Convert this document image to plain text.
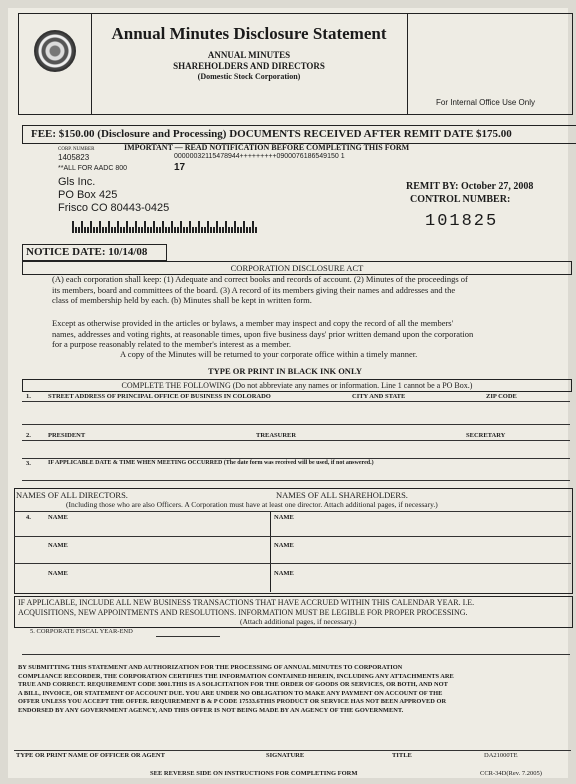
Annual Minutes Disclosure Statement
ANNUAL MINUTES
SHAREHOLDERS AND DIRECTORS
(Domestic Stock Corporation)
For Internal Office Use Only
FEE: $150.00 (Disclosure and Processing) DOCUMENTS RECEIVED AFTER REMIT DATE $175.00
CORP. NUMBER
1405823
IMPORTANT — READ NOTIFICATION BEFORE COMPLETING THIS FORM
00000032115478944+++++++++0900076186549150 1
**ALL FOR AADC 800	17
Gls Inc.
PO Box 425
Frisco CO 80443-0425
REMIT BY: October 27, 2008
CONTROL NUMBER:
101825
NOTICE DATE: 10/14/08
CORPORATION DISCLOSURE ACT
(A) each corporation shall keep: (1) Adequate and correct books and records of account. (2) Minutes of the proceedings of
its members, board and committees of the board. (3) A record of its members giving their names and addresses and the
class of membership held by each. (b) Minutes shall be kept in written form.
Except as otherwise provided in the articles or bylaws, a member may inspect and copy the record of all the members'
names, addresses and voting rights, at reasonable times, upon five business days' prior written demand upon the corporation
for a purpose reasonably related to the member's interest as a member.
A copy of the Minutes will be returned to your corporate office within a timely manner.
TYPE OR PRINT IN BLACK INK ONLY
COMPLETE THE FOLLOWING (Do not abbreviate any names or information. Line 1 cannot be a PO Box.)
1.	STREET ADDRESS OF PRINCIPAL OFFICE OF BUSINESS IN COLORADO	CITY AND STATE	ZIP CODE
2.	PRESIDENT	TREASURER	SECRETARY
3.	IF APPLICABLE DATE & TIME WHEN MEETING OCCURRED (The date form was received will be used, if not answered.)
NAMES OF ALL DIRECTORS.	NAMES OF ALL SHAREHOLDERS.
(Including those who are also Officers. A Corporation must have at least one director. Attach additional pages, if necessary.)
4.	NAME	NAME
NAME	NAME
NAME	NAME
IF APPLICABLE, INCLUDE ALL NEW BUSINESS TRANSACTIONS THAT HAVE ACCRUED WITHIN THIS CALENDAR YEAR. I.E.
ACQUISITIONS, NEW APPOINTMENTS AND RESOLUTIONS. INFORMATION MUST BE LEGIBLE FOR PROPER PROCESSING.
(Attach additional pages, if necessary.)
5. CORPORATE FISCAL YEAR-END
BY SUBMITTING THIS STATEMENT AND AUTHORIZATION FOR THE PROCESSING OF ANNUAL MINUTES TO CORPORATION
COMPLIANCE RECORDER, THE CORPORATION CERTIFIES THE INFORMATION CONTAINED HEREIN, INCLUDING ANY ATTACHMENTS ARE
TRUE AND CORRECT. REQUIREMENT CODE 3001.THIS IS A SOLICITATION FOR THE ORDER OF GOODS OR SERVICES, OR BOTH, AND NOT
A BILL, INVOICE, OR STATEMENT OF ACCOUNT DUE. YOU ARE UNDER NO OBLIGATION TO MAKE ANY PAYMENT ON ACCOUNT OF THE
OFFER UNLESS YOU ACCEPT THE OFFER. REQUIREMENT B & P CODE 17533.6THIS PRODUCT OR SERVICE HAS NOT BEEN APPROVED OR
ENDORSED BY ANY GOVERNMENT AGENCY, AND THIS OFFER IS NOT BEING MADE BY AN AGENCY OF THE GOVERNMENT.
TYPE OR PRINT NAME OF OFFICER OR AGENT	SIGNATURE	TITLE	DA21000TE
SEE REVERSE SIDE ON INSTRUCTIONS FOR COMPLETING FORM	CCR-34D(Rev. 7.2005)
